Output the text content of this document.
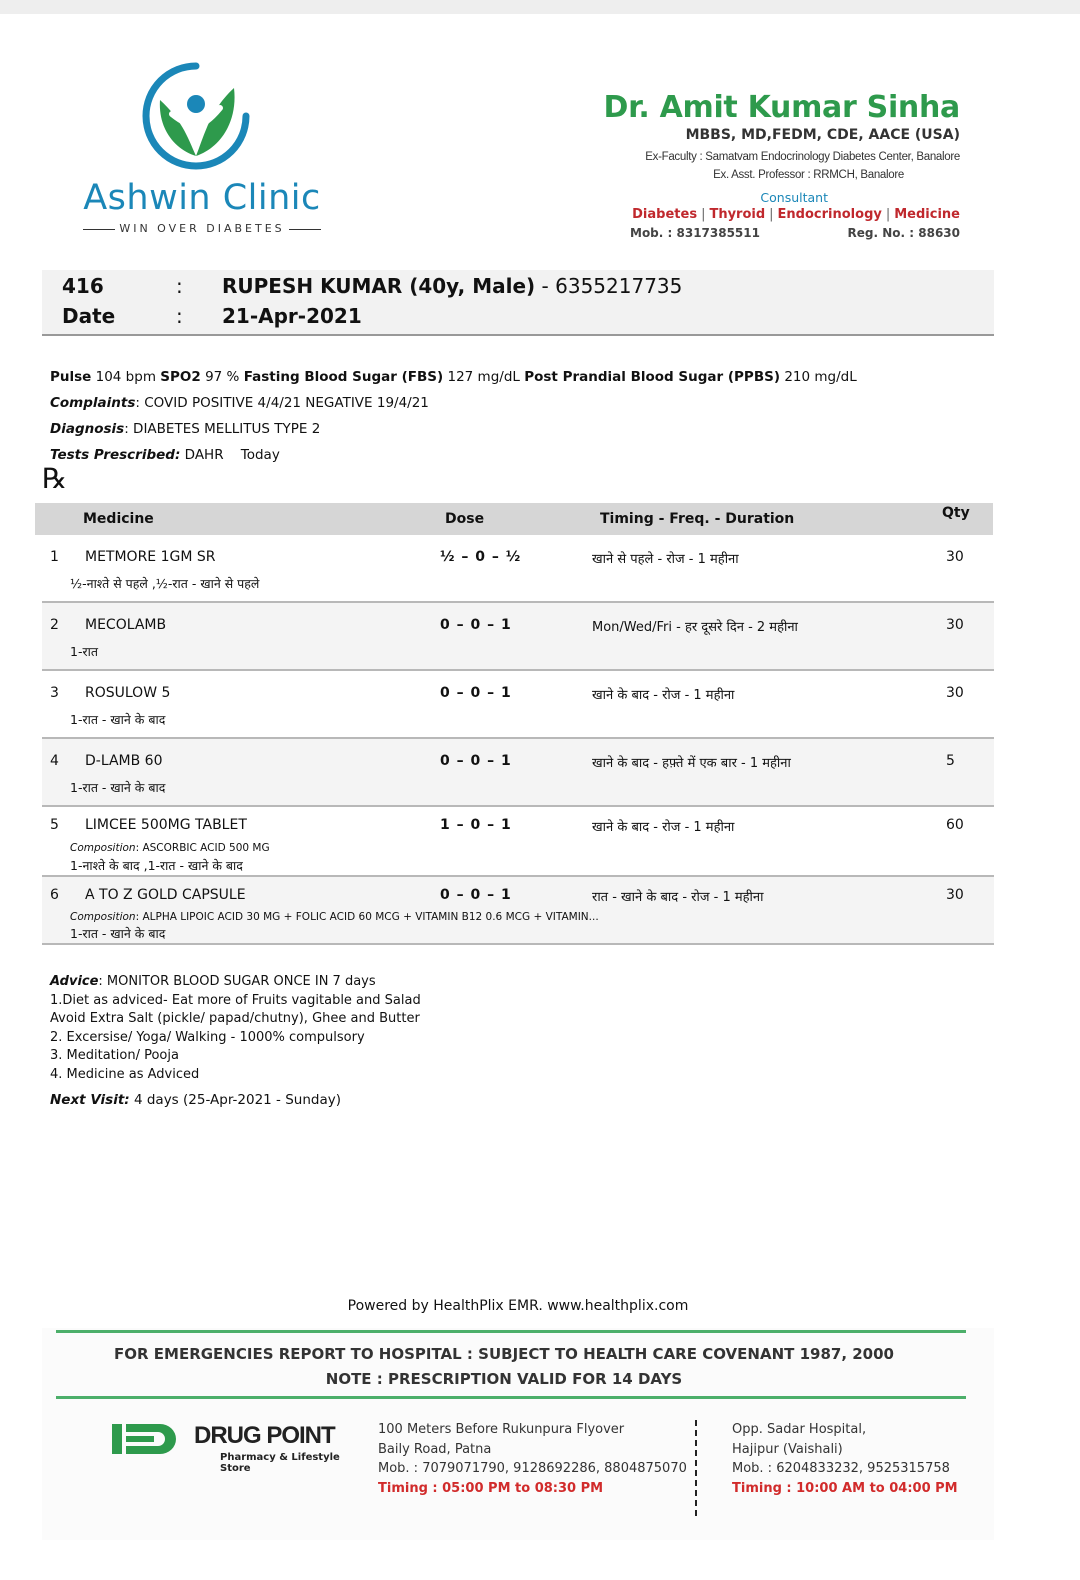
Ashwin Clinic
WIN OVER DIABETES
Dr. Amit Kumar Sinha
MBBS, MD,FEDM, CDE, AACE (USA)
Ex-Faculty : Samatvam Endocrinology Diabetes Center, Banalore
Ex. Asst. Professor : RRMCH, Banalore
Consultant
Diabetes | Thyroid | Endocrinology | Medicine
Mob. : 8317385511	Reg. No. : 88630
416	: RUPESH KUMAR (40y, Male) - 6355217735
Date	: 21-Apr-2021
Pulse 104 bpm SPO2 97 % Fasting Blood Sugar (FBS) 127 mg/dL Post Prandial Blood Sugar (PPBS) 210 mg/dL
Complaints: COVID POSITIVE 4/4/21 NEGATIVE 19/4/21
Diagnosis: DIABETES MELLITUS TYPE 2
Tests Prescribed: DAHR Today
℞
Medicine	Dose	Timing - Freq. - Duration	Qty
1 METMORE 1GM SR	½ – 0 – ½	खाने से पहले - रोज - 1 महीना	30
½-नाश्ते से पहले ,½-रात - खाने से पहले
2 MECOLAMB	0 – 0 – 1	Mon/Wed/Fri - हर दूसरे दिन - 2 महीना	30
1-रात
3 ROSULOW 5	0 – 0 – 1	खाने के बाद - रोज - 1 महीना	30
1-रात - खाने के बाद
4 D-LAMB 60	0 – 0 – 1	खाने के बाद - हफ़्ते में एक बार - 1 महीना	5
1-रात - खाने के बाद
5 LIMCEE 500MG TABLET	1 – 0 – 1	खाने के बाद - रोज - 1 महीना	60
Composition: ASCORBIC ACID 500 MG
1-नाश्ते के बाद ,1-रात - खाने के बाद
6 A TO Z GOLD CAPSULE	0 – 0 – 1	रात - खाने के बाद - रोज - 1 महीना	30
Composition: ALPHA LIPOIC ACID 30 MG + FOLIC ACID 60 MCG + VITAMIN B12 0.6 MCG + VITAMIN...
1-रात - खाने के बाद
Advice: MONITOR BLOOD SUGAR ONCE IN 7 days
1.Diet as adviced- Eat more of Fruits vagitable and Salad
Avoid Extra Salt (pickle/ papad/chutny), Ghee and Butter
2. Excersise/ Yoga/ Walking - 1000% compulsory
3. Meditation/ Pooja
4. Medicine as Adviced
Next Visit: 4 days (25-Apr-2021 - Sunday)
Powered by HealthPlix EMR. www.healthplix.com
FOR EMERGENCIES REPORT TO HOSPITAL : SUBJECT TO HEALTH CARE COVENANT 1987, 2000
NOTE : PRESCRIPTION VALID FOR 14 DAYS
DRUG POINT
Pharmacy & Lifestyle Store
100 Meters Before Rukunpura Flyover
Baily Road, Patna
Mob. : 7079071790, 9128692286, 8804875070
Timing : 05:00 PM to 08:30 PM
Opp. Sadar Hospital,
Hajipur (Vaishali)
Mob. : 6204833232, 9525315758
Timing : 10:00 AM to 04:00 PM
